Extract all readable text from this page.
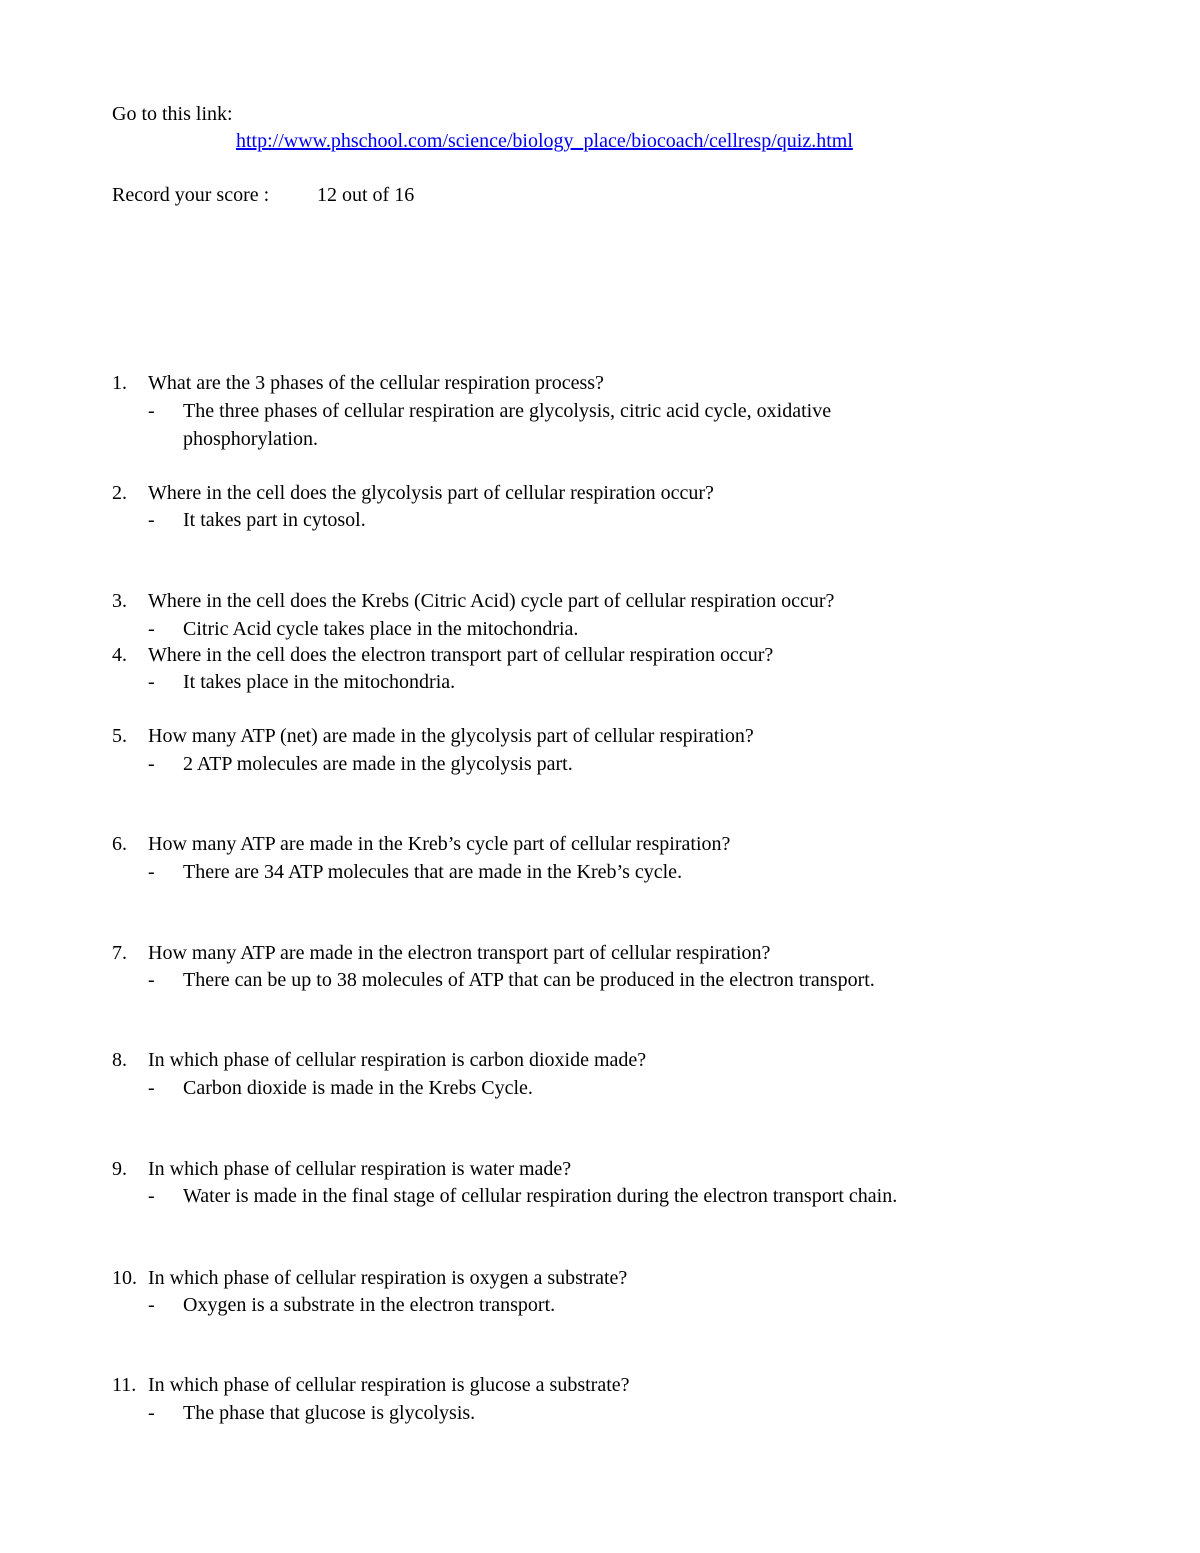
Go to this link:
http://www.phschool.com/science/biology_place/biocoach/cellresp/quiz.html
Record your score : 12 out of 16
1. What are the 3 phases of the cellular respiration process?
- The three phases of cellular respiration are glycolysis, citric acid cycle, oxidative
phosphorylation.
2. Where in the cell does the glycolysis part of cellular respiration occur?
- It takes part in cytosol.
3. Where in the cell does the Krebs (Citric Acid) cycle part of cellular respiration occur?
- Citric Acid cycle takes place in the mitochondria.
4. Where in the cell does the electron transport part of cellular respiration occur?
- It takes place in the mitochondria.
5. How many ATP (net) are made in the glycolysis part of cellular respiration?
- 2 ATP molecules are made in the glycolysis part.
6. How many ATP are made in the Kreb’s cycle part of cellular respiration?
- There are 34 ATP molecules that are made in the Kreb’s cycle.
7. How many ATP are made in the electron transport part of cellular respiration?
- There can be up to 38 molecules of ATP that can be produced in the electron transport.
8. In which phase of cellular respiration is carbon dioxide made?
- Carbon dioxide is made in the Krebs Cycle.
9. In which phase of cellular respiration is water made?
- Water is made in the final stage of cellular respiration during the electron transport chain.
10. In which phase of cellular respiration is oxygen a substrate?
- Oxygen is a substrate in the electron transport.
11. In which phase of cellular respiration is glucose a substrate?
- The phase that glucose is glycolysis.
